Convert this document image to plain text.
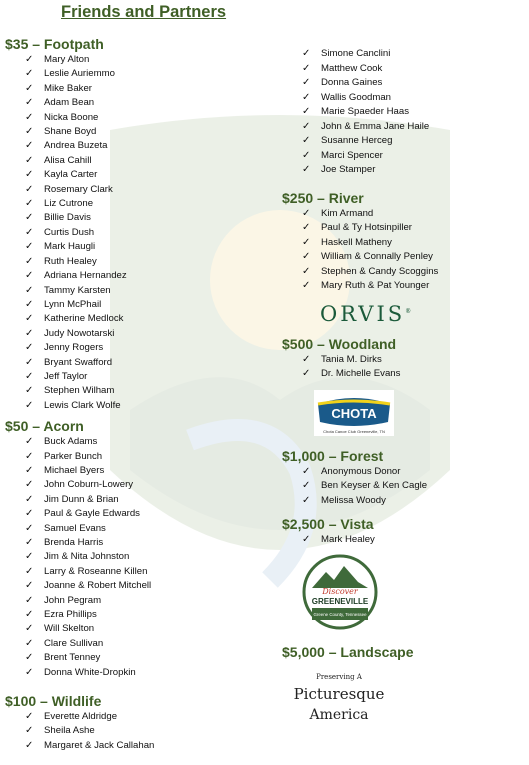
Friends and Partners
$35 – Footpath
✓ Mary Alton
✓ Leslie Auriemmo
✓ Mike Baker
✓ Adam Bean
✓ Nicka Boone
✓ Shane Boyd
✓ Andrea Buzeta
✓ Alisa Cahill
✓ Kayla Carter
✓ Rosemary Clark
✓ Liz Cutrone
✓ Billie Davis
✓ Curtis Dush
✓ Mark Haugli
✓ Ruth Healey
✓ Adriana Hernandez
✓ Tammy Karsten
✓ Lynn McPhail
✓ Katherine Medlock
✓ Judy Nowotarski
✓ Jenny Rogers
✓ Bryant Swafford
✓ Jeff Taylor
✓ Stephen Wilham
✓ Lewis Clark Wolfe
$50 – Acorn
✓ Buck Adams
✓ Parker Bunch
✓ Michael Byers
✓ John Coburn-Lowery
✓ Jim Dunn & Brian
✓ Paul & Gayle Edwards
✓ Samuel Evans
✓ Brenda Harris
✓ Jim & Nita Johnston
✓ Larry & Roseanne Killen
✓ Joanne & Robert Mitchell
✓ John Pegram
✓ Ezra Phillips
✓ Will Skelton
✓ Clare Sullivan
✓ Brent Tenney
✓ Donna White-Dropkin
$100 – Wildlife
✓ Everette Aldridge
✓ Sheila Ashe
✓ Margaret & Jack Callahan
✓ Simone Canclini
✓ Matthew Cook
✓ Donna Gaines
✓ Wallis Goodman
✓ Marie Spaeder Haas
✓ John & Emma Jane Haile
✓ Susanne Herceg
✓ Marci Spencer
✓ Joe Stamper
$250 – River
✓ Kim Armand
✓ Paul & Ty Hotsinpiller
✓ Haskell Matheny
✓ William & Connally Penley
✓ Stephen & Candy Scoggins
✓ Mary Ruth & Pat Younger
ORVIS®
$500 – Woodland
✓ Tania M. Dirks
✓ Dr. Michelle Evans
CHOTA
Chota Canoe Club Greeneville, TN
$1,000 – Forest
✓ Anonymous Donor
✓ Ben Keyser & Ken Cagle
✓ Melissa Woody
$2,500 – Vista
✓ Mark Healey
Discover
GREENEVILLE
Greene County, Tennessee
$5,000 – Landscape
Preserving A
Picturesque
America
